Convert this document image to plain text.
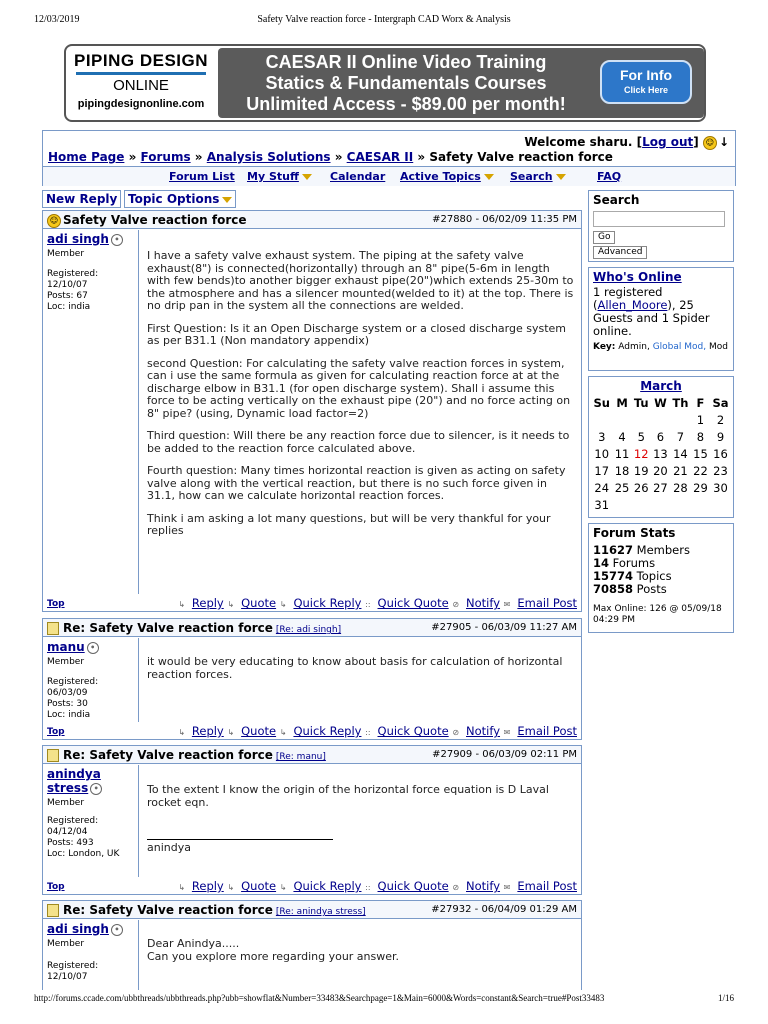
12/03/2019	Safety Valve reaction force - Intergraph CAD Worx & Analysis
PIPING DESIGN
ONLINE
pipingdesignonline.com
CAESAR II Online Video Training
Statics & Fundamentals Courses
Unlimited Access - $89.00 per month!
For Info
Click Here
Welcome sharu. [Log out] ☺ ↓
Home Page » Forums » Analysis Solutions » CAESAR II » Safety Valve reaction force
Forum List My Stuff	Calendar Active Topics	Search	FAQ
New Reply Topic Options
☺ Safety Valve reaction force	#27880 - 06/02/09 11:35 PM
adi singh •
Member
Registered:
12/10/07
Posts: 67
Loc: india

I have a safety valve exhaust system. The piping at the safety valve exhaust(8") is connected(horizontally) through an 8" pipe(5-6m in length with few bends)to another bigger exhaust pipe(20")which extends 25-30m to the atmosphere and has a silencer mounted(welded to it) at the top. There is no drip pan in the system all the connections are welded.

First Question: Is it an Open Discharge system or a closed discharge system as per B31.1 (Non mandatory appendix)

second Question: For calculating the safety valve reaction forces in system, can i use the same formula as given for calculating reaction force at at the discharge elbow in B31.1 (for open discharge system). Shall i assume this force to be acting vertically on the exhaust pipe (20") and no force acting on 8" pipe? (using, Dynamic load factor=2)

Third question: Will there be any reaction force due to silencer, is it needs to be added to the reaction force calculated above.

Fourth question: Many times horizontal reaction is given as acting on safety valve along with the vertical reaction, but there is no such force given in 31.1, how can we calculate horizontal reaction forces.

Think i am asking a lot many questions, but will be very thankful for your replies

Top	↳ Reply ↳ Quote ↳ Quick Reply :: Quick Quote ⊘ Notify ✉ Email Post
Re: Safety Valve reaction force [Re: adi singh]	#27905 - 06/03/09 11:27 AM
manu •
Member
Registered:
06/03/09
Posts: 30
Loc: india

it would be very educating to know about basis for calculation of horizontal reaction forces.

Top	↳ Reply ↳ Quote ↳ Quick Reply :: Quick Quote ⊘ Notify ✉ Email Post
Re: Safety Valve reaction force [Re: manu]	#27909 - 06/03/09 02:11 PM
anindya stress •
Member
Registered:
04/12/04
Posts: 493
Loc: London, UK

To the extent I know the origin of the horizontal force equation is D Laval rocket eqn.

anindya
Top	↳ Reply ↳ Quote ↳ Quick Reply :: Quick Quote ⊘ Notify ✉ Email Post
Re: Safety Valve reaction force [Re: anindya stress]	#27932 - 06/04/09 01:29 AM
adi singh •
Member
Registered:
12/10/07
Dear Anindya.....
Can you explore more regarding your answer.
Search
Go
Advanced
Who's Online
1 registered (Allen_Moore), 25 Guests and 1 Spider online.
Key: Admin, Global Mod, Mod
March
Su	M	Tu	W	Th	F	Sa
					1	2
3	4	5	6	7	8	9
10	11	12	13	14	15	16
17	18	19	20	21	22	23
24	25	26	27	28	29	30
31						
Forum Stats
11627 Members
14 Forums
15774 Topics
70858 Posts
Max Online: 126 @ 05/09/18 04:29 PM
http://forums.ccade.com/ubbthreads/ubbthreads.php?ubb=showflat&Number=33483&Searchpage=1&Main=6000&Words=constant&Search=true#Post33483	1/16
